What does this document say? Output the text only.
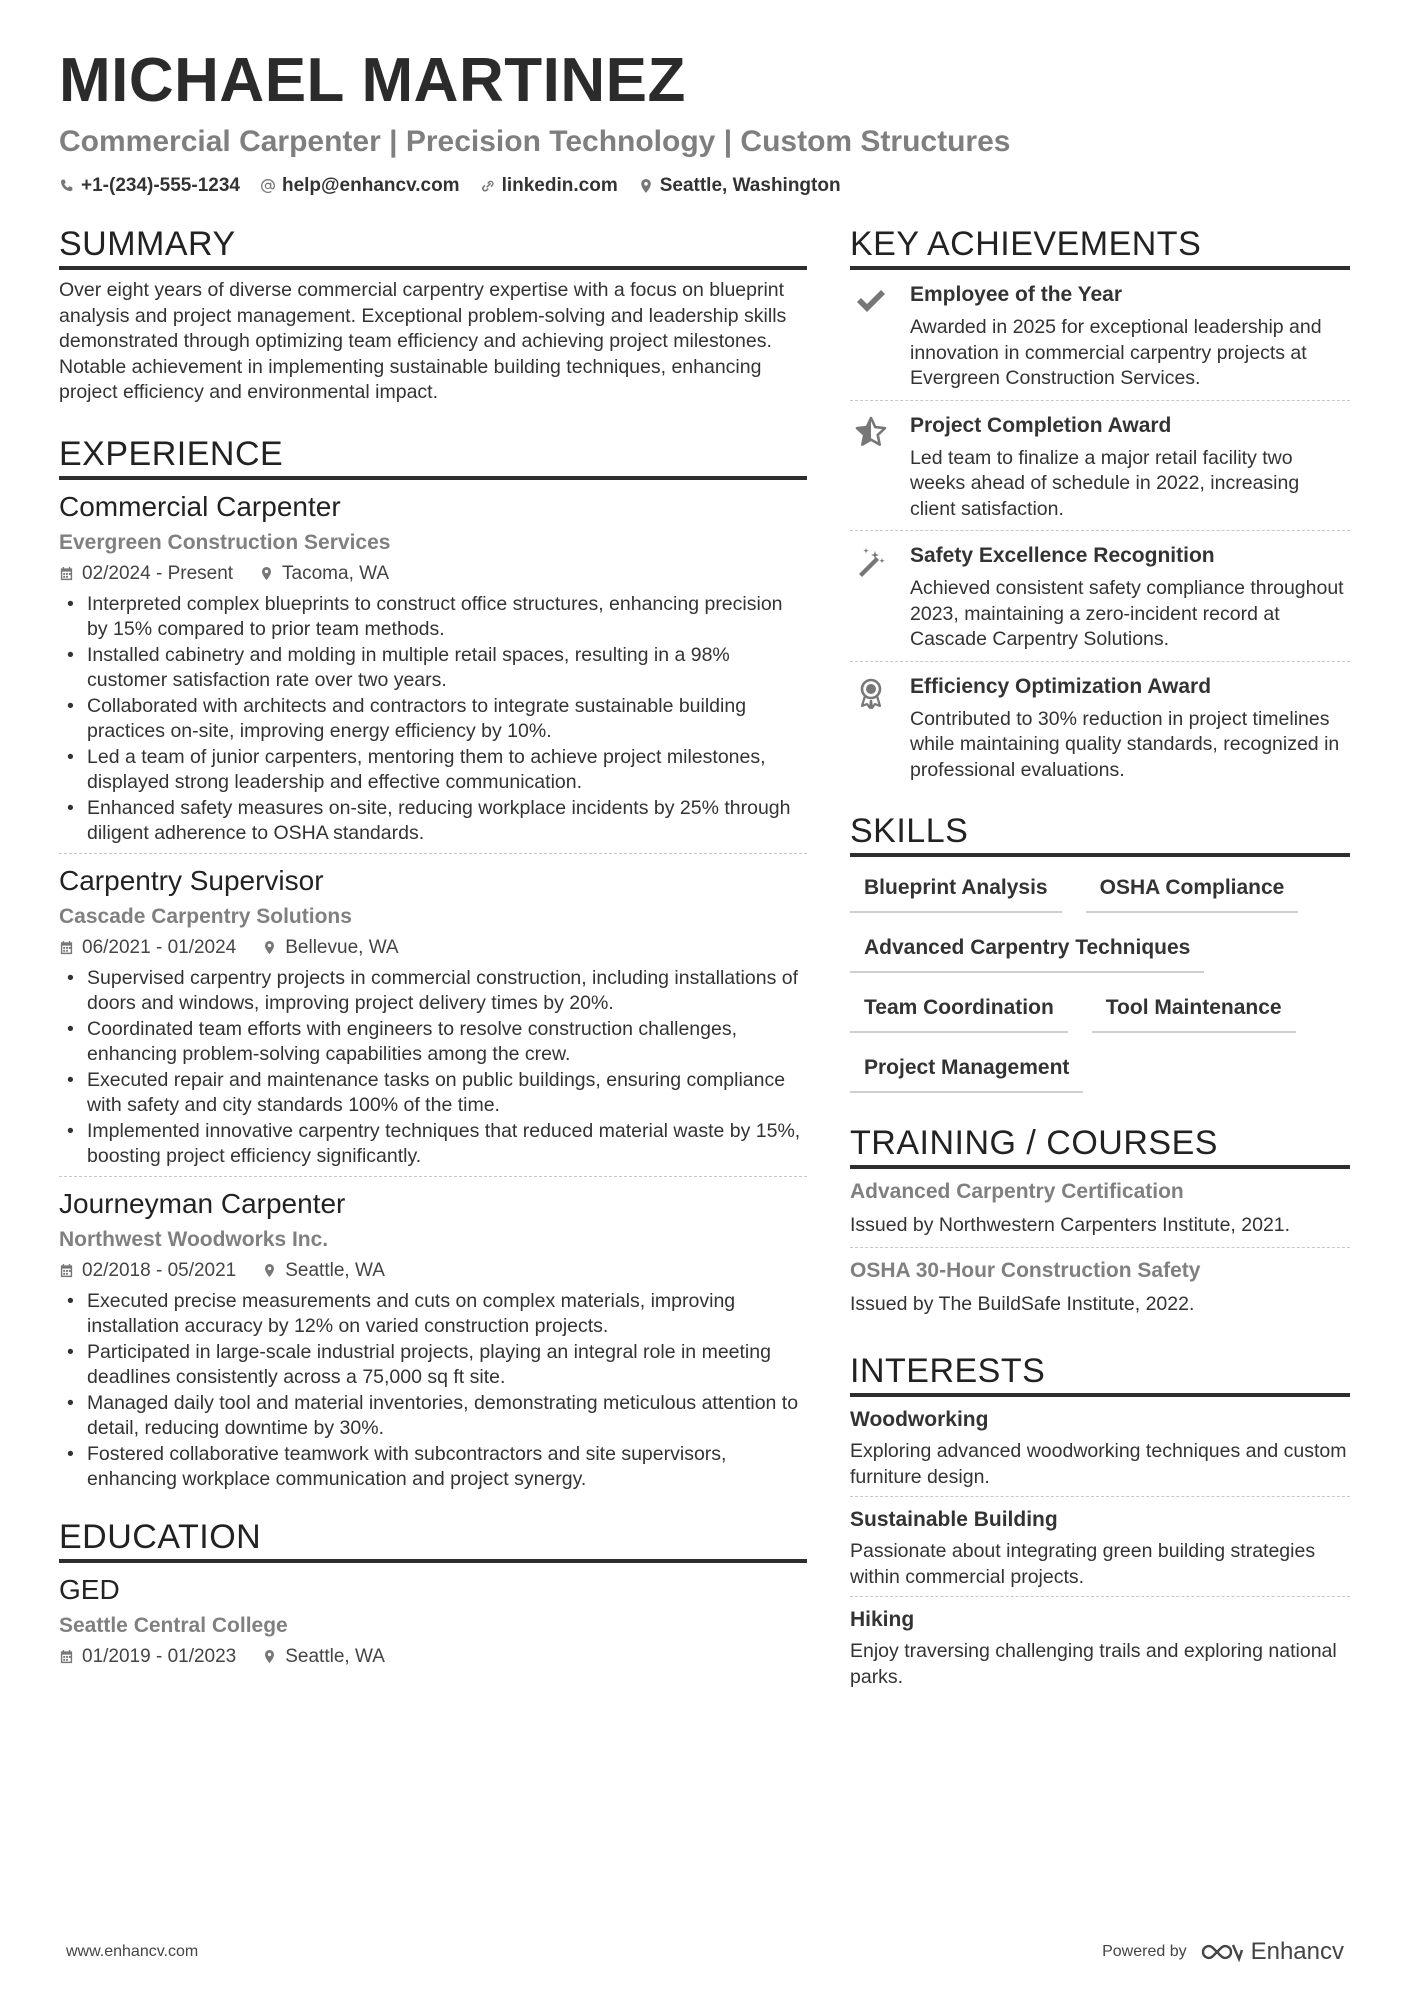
MICHAEL MARTINEZ
Commercial Carpenter | Precision Technology | Custom Structures
+1-(234)-555-1234 help@enhancv.com linkedin.com Seattle, Washington
SUMMARY
Over eight years of diverse commercial carpentry expertise with a focus on blueprint analysis and project management. Exceptional problem-solving and leadership skills demonstrated through optimizing team efficiency and achieving project milestones. Notable achievement in implementing sustainable building techniques, enhancing project efficiency and environmental impact.
EXPERIENCE
Commercial Carpenter
Evergreen Construction Services
02/2024 - Present	Tacoma, WA
• Interpreted complex blueprints to construct office structures, enhancing precision by 15% compared to prior team methods.
• Installed cabinetry and molding in multiple retail spaces, resulting in a 98% customer satisfaction rate over two years.
• Collaborated with architects and contractors to integrate sustainable building practices on-site, improving energy efficiency by 10%.
• Led a team of junior carpenters, mentoring them to achieve project milestones, displayed strong leadership and effective communication.
• Enhanced safety measures on-site, reducing workplace incidents by 25% through diligent adherence to OSHA standards.
Carpentry Supervisor
Cascade Carpentry Solutions
06/2021 - 01/2024	Bellevue, WA
• Supervised carpentry projects in commercial construction, including installations of doors and windows, improving project delivery times by 20%.
• Coordinated team efforts with engineers to resolve construction challenges, enhancing problem-solving capabilities among the crew.
• Executed repair and maintenance tasks on public buildings, ensuring compliance with safety and city standards 100% of the time.
• Implemented innovative carpentry techniques that reduced material waste by 15%, boosting project efficiency significantly.
Journeyman Carpenter
Northwest Woodworks Inc.
02/2018 - 05/2021	Seattle, WA
• Executed precise measurements and cuts on complex materials, improving installation accuracy by 12% on varied construction projects.
• Participated in large-scale industrial projects, playing an integral role in meeting deadlines consistently across a 75,000 sq ft site.
• Managed daily tool and material inventories, demonstrating meticulous attention to detail, reducing downtime by 30%.
• Fostered collaborative teamwork with subcontractors and site supervisors, enhancing workplace communication and project synergy.
EDUCATION
GED
Seattle Central College
01/2019 - 01/2023	Seattle, WA
KEY ACHIEVEMENTS
Employee of the Year
Awarded in 2025 for exceptional leadership and innovation in commercial carpentry projects at Evergreen Construction Services.
Project Completion Award
Led team to finalize a major retail facility two weeks ahead of schedule in 2022, increasing client satisfaction.
Safety Excellence Recognition
Achieved consistent safety compliance throughout 2023, maintaining a zero-incident record at Cascade Carpentry Solutions.
Efficiency Optimization Award
Contributed to 30% reduction in project timelines while maintaining quality standards, recognized in professional evaluations.
SKILLS
Blueprint Analysis	OSHA Compliance
Advanced Carpentry Techniques
Team Coordination	Tool Maintenance
Project Management
TRAINING / COURSES
Advanced Carpentry Certification
Issued by Northwestern Carpenters Institute, 2021.
OSHA 30-Hour Construction Safety
Issued by The BuildSafe Institute, 2022.
INTERESTS
Woodworking
Exploring advanced woodworking techniques and custom furniture design.
Sustainable Building
Passionate about integrating green building strategies within commercial projects.
Hiking
Enjoy traversing challenging trails and exploring national parks.
www.enhancv.com	Powered by	Enhancv
